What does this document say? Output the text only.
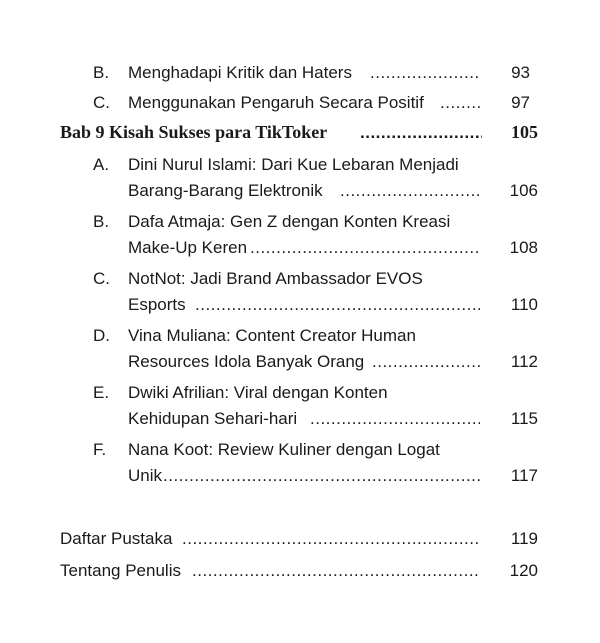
B. Menghadapi Kritik dan Haters .....	93
C. Menggunakan Pengaruh Secara Positif .....	97
Bab 9 Kisah Sukses para TikToker .....	105
A. Dini Nurul Islami: Dari Kue Lebaran Menjadi
Barang-Barang Elektronik .....	106
B. Dafa Atmaja: Gen Z dengan Konten Kreasi
Make-Up Keren .....	108
C. NotNot: Jadi Brand Ambassador EVOS
Esports .....	110
D. Vina Muliana: Content Creator Human
Resources Idola Banyak Orang .....	112
E. Dwiki Afrilian: Viral dengan Konten
Kehidupan Sehari-hari .....	115
F. Nana Koot: Review Kuliner dengan Logat
Unik .....	117
Daftar Pustaka .....	119
Tentang Penulis .....	120
